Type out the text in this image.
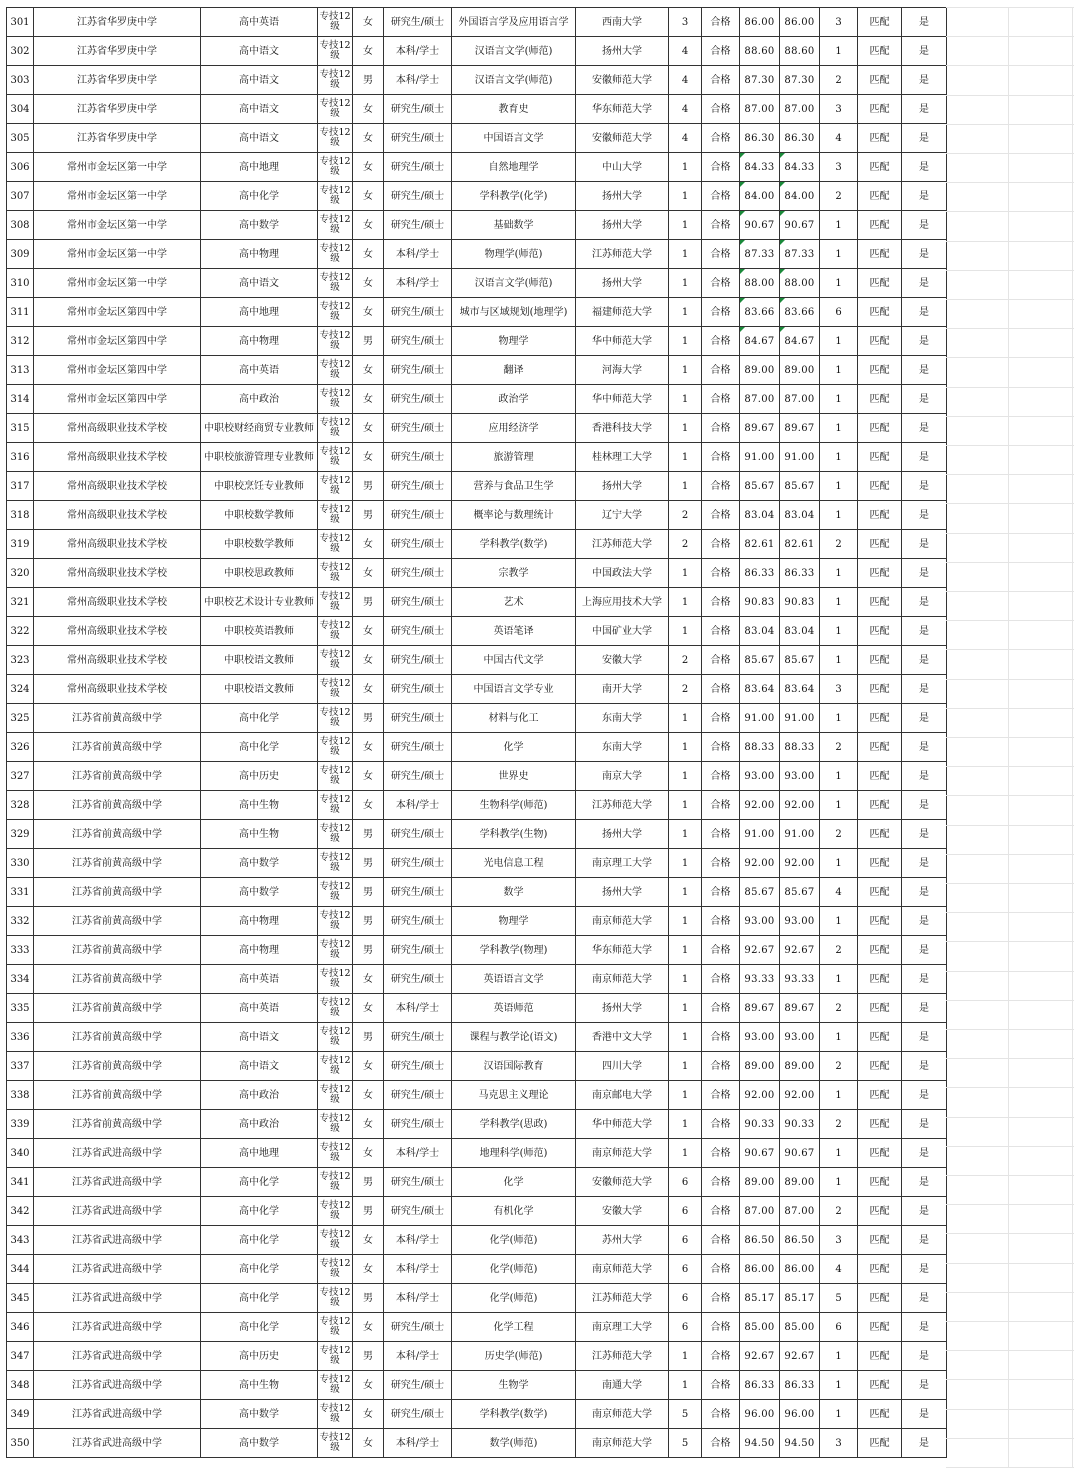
301	江苏省华罗庚中学	高中英语	专技12级	女	研究生/硕士	外国语言学及应用语言学	西南大学	3	合格	86.00	86.00	3	匹配	是
302	江苏省华罗庚中学	高中语文	专技12级	女	本科/学士	汉语言文学(师范)	扬州大学	4	合格	88.60	88.60	1	匹配	是
303	江苏省华罗庚中学	高中语文	专技12级	男	本科/学士	汉语言文学(师范)	安徽师范大学	4	合格	87.30	87.30	2	匹配	是
304	江苏省华罗庚中学	高中语文	专技12级	女	研究生/硕士	教育史	华东师范大学	4	合格	87.00	87.00	3	匹配	是
305	江苏省华罗庚中学	高中语文	专技12级	女	研究生/硕士	中国语言文学	安徽师范大学	4	合格	86.30	86.30	4	匹配	是
306	常州市金坛区第一中学	高中地理	专技12级	女	研究生/硕士	自然地理学	中山大学	1	合格	84.33	84.33	3	匹配	是
307	常州市金坛区第一中学	高中化学	专技12级	女	研究生/硕士	学科教学(化学)	扬州大学	1	合格	84.00	84.00	2	匹配	是
308	常州市金坛区第一中学	高中数学	专技12级	女	研究生/硕士	基础数学	扬州大学	1	合格	90.67	90.67	1	匹配	是
309	常州市金坛区第一中学	高中物理	专技12级	女	本科/学士	物理学(师范)	江苏师范大学	1	合格	87.33	87.33	1	匹配	是
310	常州市金坛区第一中学	高中语文	专技12级	女	本科/学士	汉语言文学(师范)	扬州大学	1	合格	88.00	88.00	1	匹配	是
311	常州市金坛区第四中学	高中地理	专技12级	女	研究生/硕士	城市与区域规划(地理学)	福建师范大学	1	合格	83.66	83.66	6	匹配	是
312	常州市金坛区第四中学	高中物理	专技12级	男	研究生/硕士	物理学	华中师范大学	1	合格	84.67	84.67	1	匹配	是
313	常州市金坛区第四中学	高中英语	专技12级	女	研究生/硕士	翻译	河海大学	1	合格	89.00	89.00	1	匹配	是
314	常州市金坛区第四中学	高中政治	专技12级	女	研究生/硕士	政治学	华中师范大学	1	合格	87.00	87.00	1	匹配	是
315	常州高级职业技术学校	中职校财经商贸专业教师	专技12级	女	研究生/硕士	应用经济学	香港科技大学	1	合格	89.67	89.67	1	匹配	是
316	常州高级职业技术学校	中职校旅游管理专业教师	专技12级	女	研究生/硕士	旅游管理	桂林理工大学	1	合格	91.00	91.00	1	匹配	是
317	常州高级职业技术学校	中职校烹饪专业教师	专技12级	男	研究生/硕士	营养与食品卫生学	扬州大学	1	合格	85.67	85.67	1	匹配	是
318	常州高级职业技术学校	中职校数学教师	专技12级	男	研究生/硕士	概率论与数理统计	辽宁大学	2	合格	83.04	83.04	1	匹配	是
319	常州高级职业技术学校	中职校数学教师	专技12级	女	研究生/硕士	学科教学(数学)	江苏师范大学	2	合格	82.61	82.61	2	匹配	是
320	常州高级职业技术学校	中职校思政教师	专技12级	女	研究生/硕士	宗教学	中国政法大学	1	合格	86.33	86.33	1	匹配	是
321	常州高级职业技术学校	中职校艺术设计专业教师	专技12级	男	研究生/硕士	艺术	上海应用技术大学	1	合格	90.83	90.83	1	匹配	是
322	常州高级职业技术学校	中职校英语教师	专技12级	女	研究生/硕士	英语笔译	中国矿业大学	1	合格	83.04	83.04	1	匹配	是
323	常州高级职业技术学校	中职校语文教师	专技12级	女	研究生/硕士	中国古代文学	安徽大学	2	合格	85.67	85.67	1	匹配	是
324	常州高级职业技术学校	中职校语文教师	专技12级	女	研究生/硕士	中国语言文学专业	南开大学	2	合格	83.64	83.64	3	匹配	是
325	江苏省前黄高级中学	高中化学	专技12级	男	研究生/硕士	材料与化工	东南大学	1	合格	91.00	91.00	1	匹配	是
326	江苏省前黄高级中学	高中化学	专技12级	女	研究生/硕士	化学	东南大学	1	合格	88.33	88.33	2	匹配	是
327	江苏省前黄高级中学	高中历史	专技12级	女	研究生/硕士	世界史	南京大学	1	合格	93.00	93.00	1	匹配	是
328	江苏省前黄高级中学	高中生物	专技12级	女	本科/学士	生物科学(师范)	江苏师范大学	1	合格	92.00	92.00	1	匹配	是
329	江苏省前黄高级中学	高中生物	专技12级	男	研究生/硕士	学科教学(生物)	扬州大学	1	合格	91.00	91.00	2	匹配	是
330	江苏省前黄高级中学	高中数学	专技12级	男	研究生/硕士	光电信息工程	南京理工大学	1	合格	92.00	92.00	1	匹配	是
331	江苏省前黄高级中学	高中数学	专技12级	男	研究生/硕士	数学	扬州大学	1	合格	85.67	85.67	4	匹配	是
332	江苏省前黄高级中学	高中物理	专技12级	男	研究生/硕士	物理学	南京师范大学	1	合格	93.00	93.00	1	匹配	是
333	江苏省前黄高级中学	高中物理	专技12级	男	研究生/硕士	学科教学(物理)	华东师范大学	1	合格	92.67	92.67	2	匹配	是
334	江苏省前黄高级中学	高中英语	专技12级	女	研究生/硕士	英语语言文学	南京师范大学	1	合格	93.33	93.33	1	匹配	是
335	江苏省前黄高级中学	高中英语	专技12级	女	本科/学士	英语师范	扬州大学	1	合格	89.67	89.67	2	匹配	是
336	江苏省前黄高级中学	高中语文	专技12级	男	研究生/硕士	课程与教学论(语文)	香港中文大学	1	合格	93.00	93.00	1	匹配	是
337	江苏省前黄高级中学	高中语文	专技12级	女	研究生/硕士	汉语国际教育	四川大学	1	合格	89.00	89.00	2	匹配	是
338	江苏省前黄高级中学	高中政治	专技12级	女	研究生/硕士	马克思主义理论	南京邮电大学	1	合格	92.00	92.00	1	匹配	是
339	江苏省前黄高级中学	高中政治	专技12级	女	研究生/硕士	学科教学(思政)	华中师范大学	1	合格	90.33	90.33	2	匹配	是
340	江苏省武进高级中学	高中地理	专技12级	女	本科/学士	地理科学(师范)	南京师范大学	1	合格	90.67	90.67	1	匹配	是
341	江苏省武进高级中学	高中化学	专技12级	男	研究生/硕士	化学	安徽师范大学	6	合格	89.00	89.00	1	匹配	是
342	江苏省武进高级中学	高中化学	专技12级	男	研究生/硕士	有机化学	安徽大学	6	合格	87.00	87.00	2	匹配	是
343	江苏省武进高级中学	高中化学	专技12级	女	本科/学士	化学(师范)	苏州大学	6	合格	86.50	86.50	3	匹配	是
344	江苏省武进高级中学	高中化学	专技12级	女	本科/学士	化学(师范)	南京师范大学	6	合格	86.00	86.00	4	匹配	是
345	江苏省武进高级中学	高中化学	专技12级	男	本科/学士	化学(师范)	江苏师范大学	6	合格	85.17	85.17	5	匹配	是
346	江苏省武进高级中学	高中化学	专技12级	女	研究生/硕士	化学工程	南京理工大学	6	合格	85.00	85.00	6	匹配	是
347	江苏省武进高级中学	高中历史	专技12级	男	本科/学士	历史学(师范)	江苏师范大学	1	合格	92.67	92.67	1	匹配	是
348	江苏省武进高级中学	高中生物	专技12级	女	研究生/硕士	生物学	南通大学	1	合格	86.33	86.33	1	匹配	是
349	江苏省武进高级中学	高中数学	专技12级	女	研究生/硕士	学科教学(数学)	南京师范大学	5	合格	96.00	96.00	1	匹配	是
350	江苏省武进高级中学	高中数学	专技12级	女	本科/学士	数学(师范)	南京师范大学	5	合格	94.50	94.50	3	匹配	是
